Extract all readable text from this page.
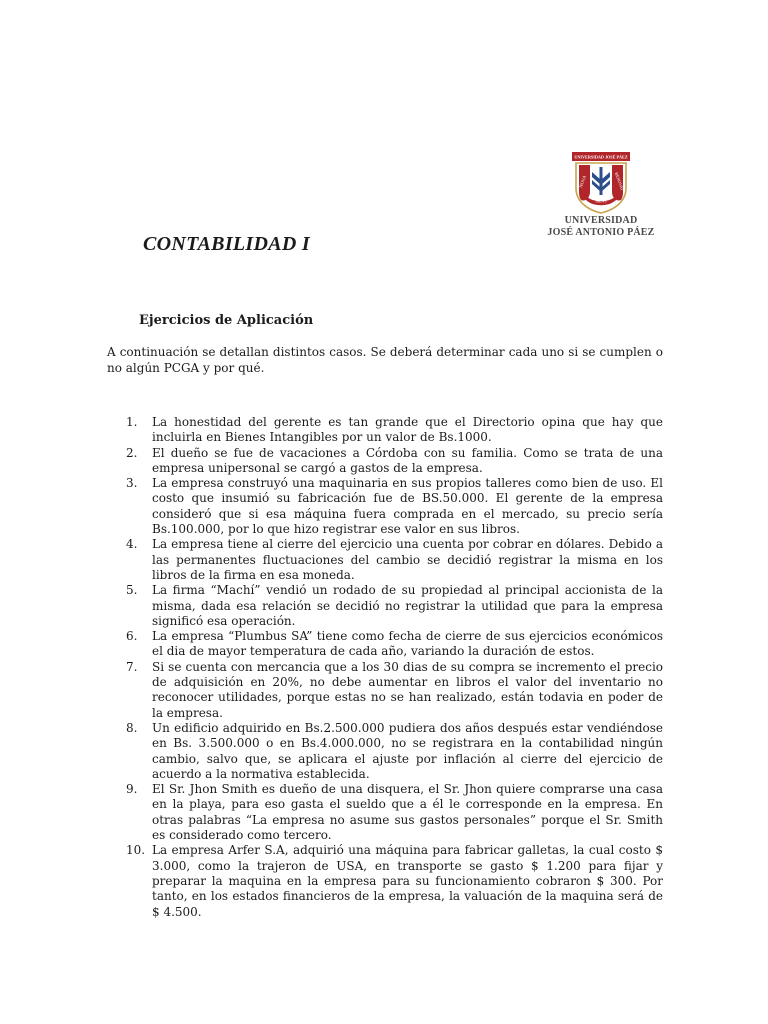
UNIVERSIDAD JOSÉ PÁEZ
NOVA	RENOVAT
MENS
UNIVERSIDAD
JOSÉ ANTONIO PÁEZ
CONTABILIDAD I
Ejercicios de Aplicación

A continuación se detallan distintos casos. Se deberá determinar cada uno si se cumplen o no algún PCGA y por qué.

1.	La honestidad del gerente es tan grande que el Directorio opina que hay que incluirla en Bienes Intangibles por un valor de Bs.1000.
2.	El dueño se fue de vacaciones a Córdoba con su familia. Como se trata de una empresa unipersonal se cargó a gastos de la empresa.
3.	La empresa construyó una maquinaria en sus propios talleres como bien de uso. El costo que insumió su fabricación fue de BS.50.000. El gerente de la empresa consideró que si esa máquina fuera comprada en el mercado, su precio sería Bs.100.000, por lo que hizo registrar ese valor en sus libros.
4.	La empresa tiene al cierre del ejercicio una cuenta por cobrar en dólares. Debido a las permanentes fluctuaciones del cambio se decidió registrar la misma en los libros de la firma en esa moneda.
5.	La firma “Machí” vendió un rodado de su propiedad al principal accionista de la misma, dada esa relación se decidió no registrar la utilidad que para la empresa significó esa operación.
6.	La empresa “Plumbus SA” tiene como fecha de cierre de sus ejercicios económicos el dia de mayor temperatura de cada año, variando la duración de estos.
7.	Si se cuenta con mercancia que a los 30 dias de su compra se incremento el precio de adquisición en 20%, no debe aumentar en libros el valor del inventario no reconocer utilidades, porque estas no se han realizado, están todavia en poder de la empresa.
8.	Un edificio adquirido en Bs.2.500.000 pudiera dos años después estar vendiéndose en Bs. 3.500.000 o en Bs.4.000.000, no se registrara en la contabilidad ningún cambio, salvo que, se aplicara el ajuste por inflación al cierre del ejercicio de acuerdo a la normativa establecida.
9.	El Sr. Jhon Smith es dueño de una disquera, el Sr. Jhon quiere comprarse una casa en la playa, para eso gasta el sueldo que a él le corresponde en la empresa. En otras palabras “La empresa no asume sus gastos personales” porque el Sr. Smith es considerado como tercero.
10. La empresa Arfer S.A, adquirió una máquina para fabricar galletas, la cual costo $ 3.000, como la trajeron de USA, en transporte se gasto $ 1.200 para fijar y preparar la maquina en la empresa para su funcionamiento cobraron $ 300. Por tanto, en los estados financieros de la empresa, la valuación de la maquina será de $ 4.500.
